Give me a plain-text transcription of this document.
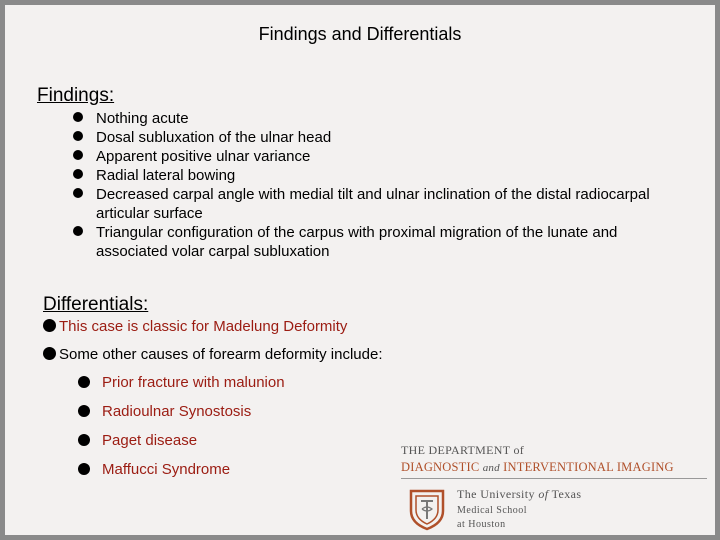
Findings and Differentials
Findings:
Nothing acute
Dosal subluxation of the ulnar head
Apparent positive ulnar variance
Radial lateral bowing
Decreased carpal angle with medial tilt and ulnar inclination of the distal radiocarpal articular surface
Triangular configuration of the carpus with proximal migration of the lunate and associated volar carpal subluxation
Differentials:
This case is classic for Madelung Deformity
Some other causes of forearm deformity include:
Prior fracture with malunion
Radioulnar Synostosis
Paget disease
Maffucci Syndrome
THE DEPARTMENT of
DIAGNOSTIC and INTERVENTIONAL IMAGING
The University of Texas
Medical School
at Houston
